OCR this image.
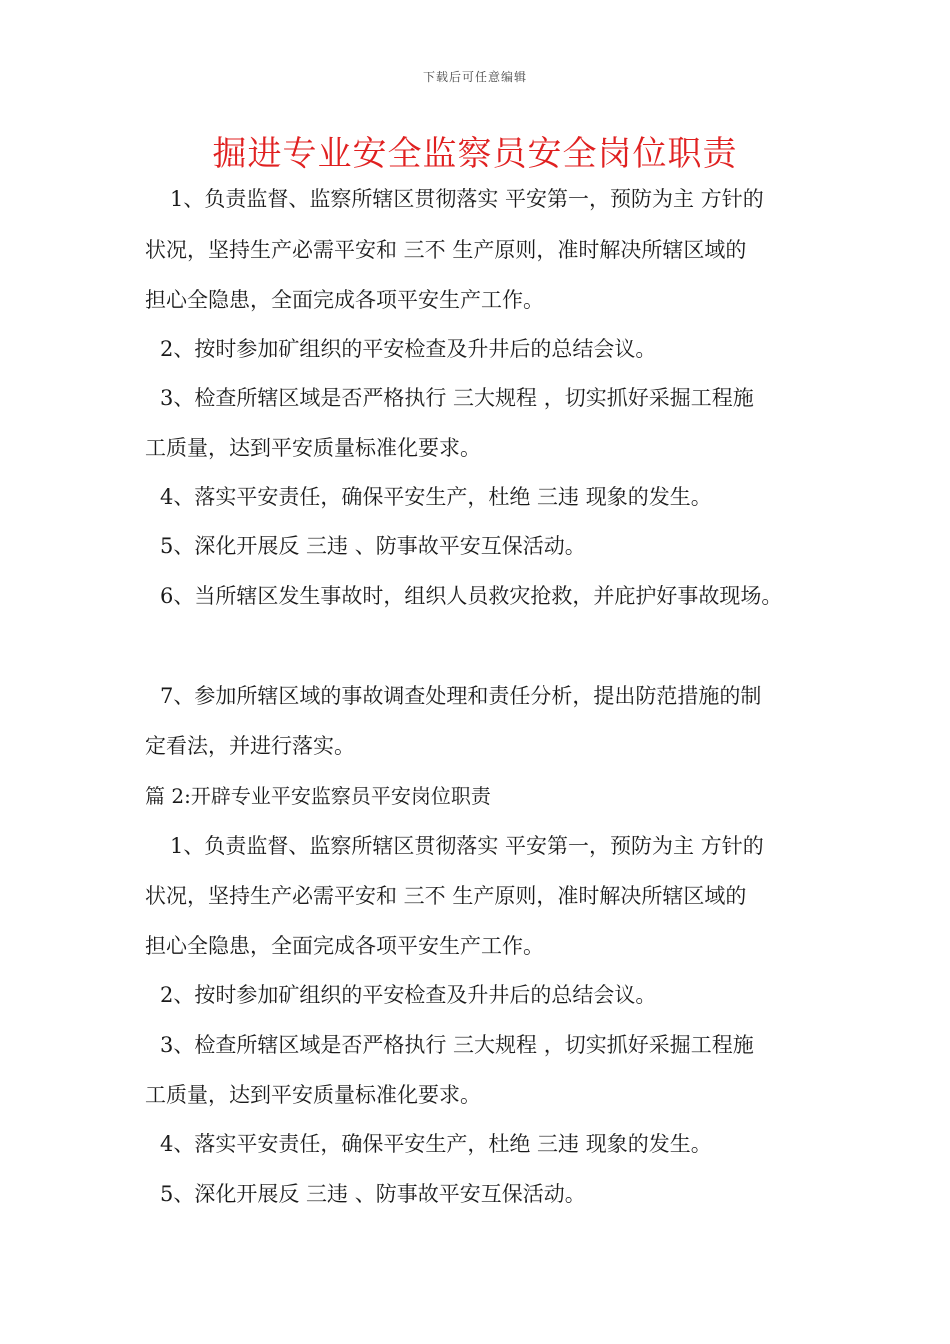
下载后可任意编辑
掘进专业安全监察员安全岗位职责
1、负责监督、监察所辖区贯彻落实 平安第一，预防为主 方针的
状况，坚持生产必需平安和 三不 生产原则，准时解决所辖区域的
担心全隐患，全面完成各项平安生产工作。
2、按时参加矿组织的平安检查及升井后的总结会议。
3、检查所辖区域是否严格执行 三大规程 ，切实抓好采掘工程施
工质量，达到平安质量标准化要求。
4、落实平安责任，确保平安生产，杜绝 三违 现象的发生。
5、深化开展反 三违 、防事故平安互保活动。
6、当所辖区发生事故时，组织人员救灾抢救，并庇护好事故现场。
7、参加所辖区域的事故调查处理和责任分析，提出防范措施的制
定看法，并进行落实。
篇 2:开辟专业平安监察员平安岗位职责
1、负责监督、监察所辖区贯彻落实 平安第一，预防为主 方针的
状况，坚持生产必需平安和 三不 生产原则，准时解决所辖区域的
担心全隐患，全面完成各项平安生产工作。
2、按时参加矿组织的平安检查及升井后的总结会议。
3、检查所辖区域是否严格执行 三大规程 ，切实抓好采掘工程施
工质量，达到平安质量标准化要求。
4、落实平安责任，确保平安生产，杜绝 三违 现象的发生。
5、深化开展反 三违 、防事故平安互保活动。
